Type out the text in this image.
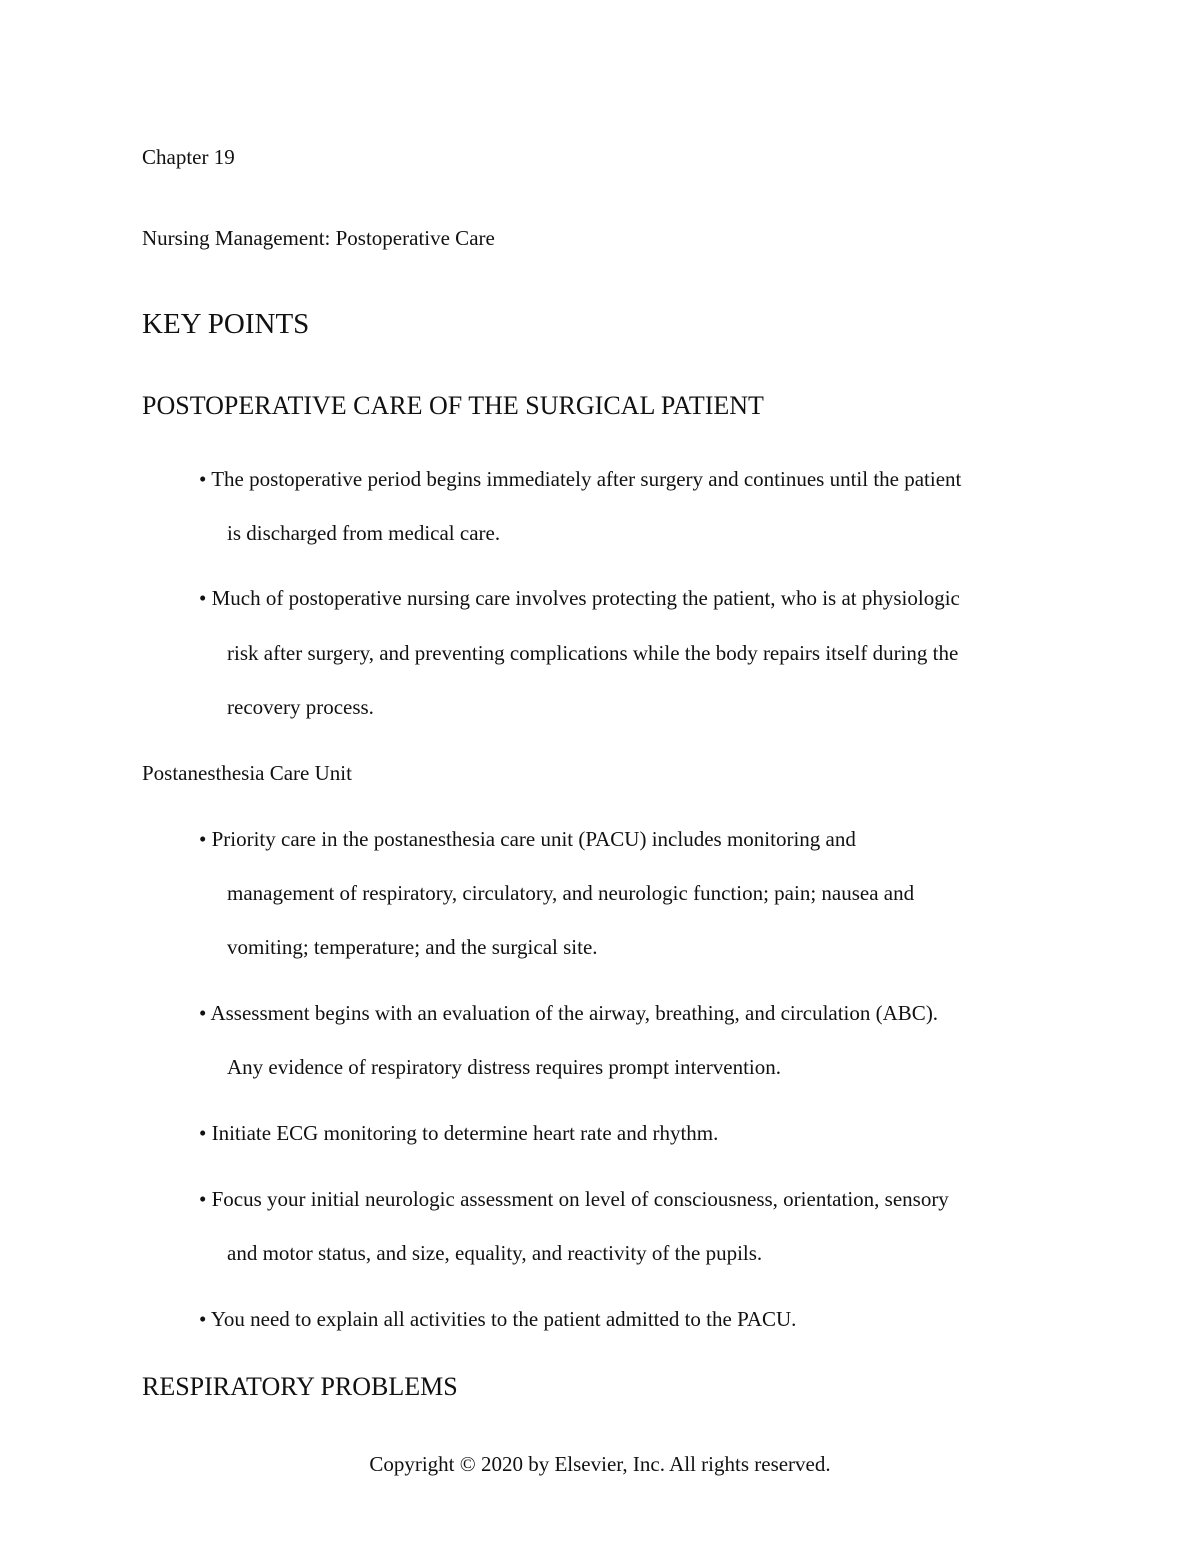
Chapter 19

Nursing Management: Postoperative Care

KEY POINTS
POSTOPERATIVE CARE OF THE SURGICAL PATIENT

• The postoperative period begins immediately after surgery and continues until the patient

is discharged from medical care.

• Much of postoperative nursing care involves protecting the patient, who is at physiologic

risk after surgery, and preventing complications while the body repairs itself during the

recovery process.

Postanesthesia Care Unit

• Priority care in the postanesthesia care unit (PACU) includes monitoring and

management of respiratory, circulatory, and neurologic function; pain; nausea and

vomiting; temperature; and the surgical site.

• Assessment begins with an evaluation of the airway, breathing, and circulation (ABC).

Any evidence of respiratory distress requires prompt intervention.

• Initiate ECG monitoring to determine heart rate and rhythm.

• Focus your initial neurologic assessment on level of consciousness, orientation, sensory

and motor status, and size, equality, and reactivity of the pupils.

• You need to explain all activities to the patient admitted to the PACU.

RESPIRATORY PROBLEMS

Copyright © 2020 by Elsevier, Inc. All rights reserved.
